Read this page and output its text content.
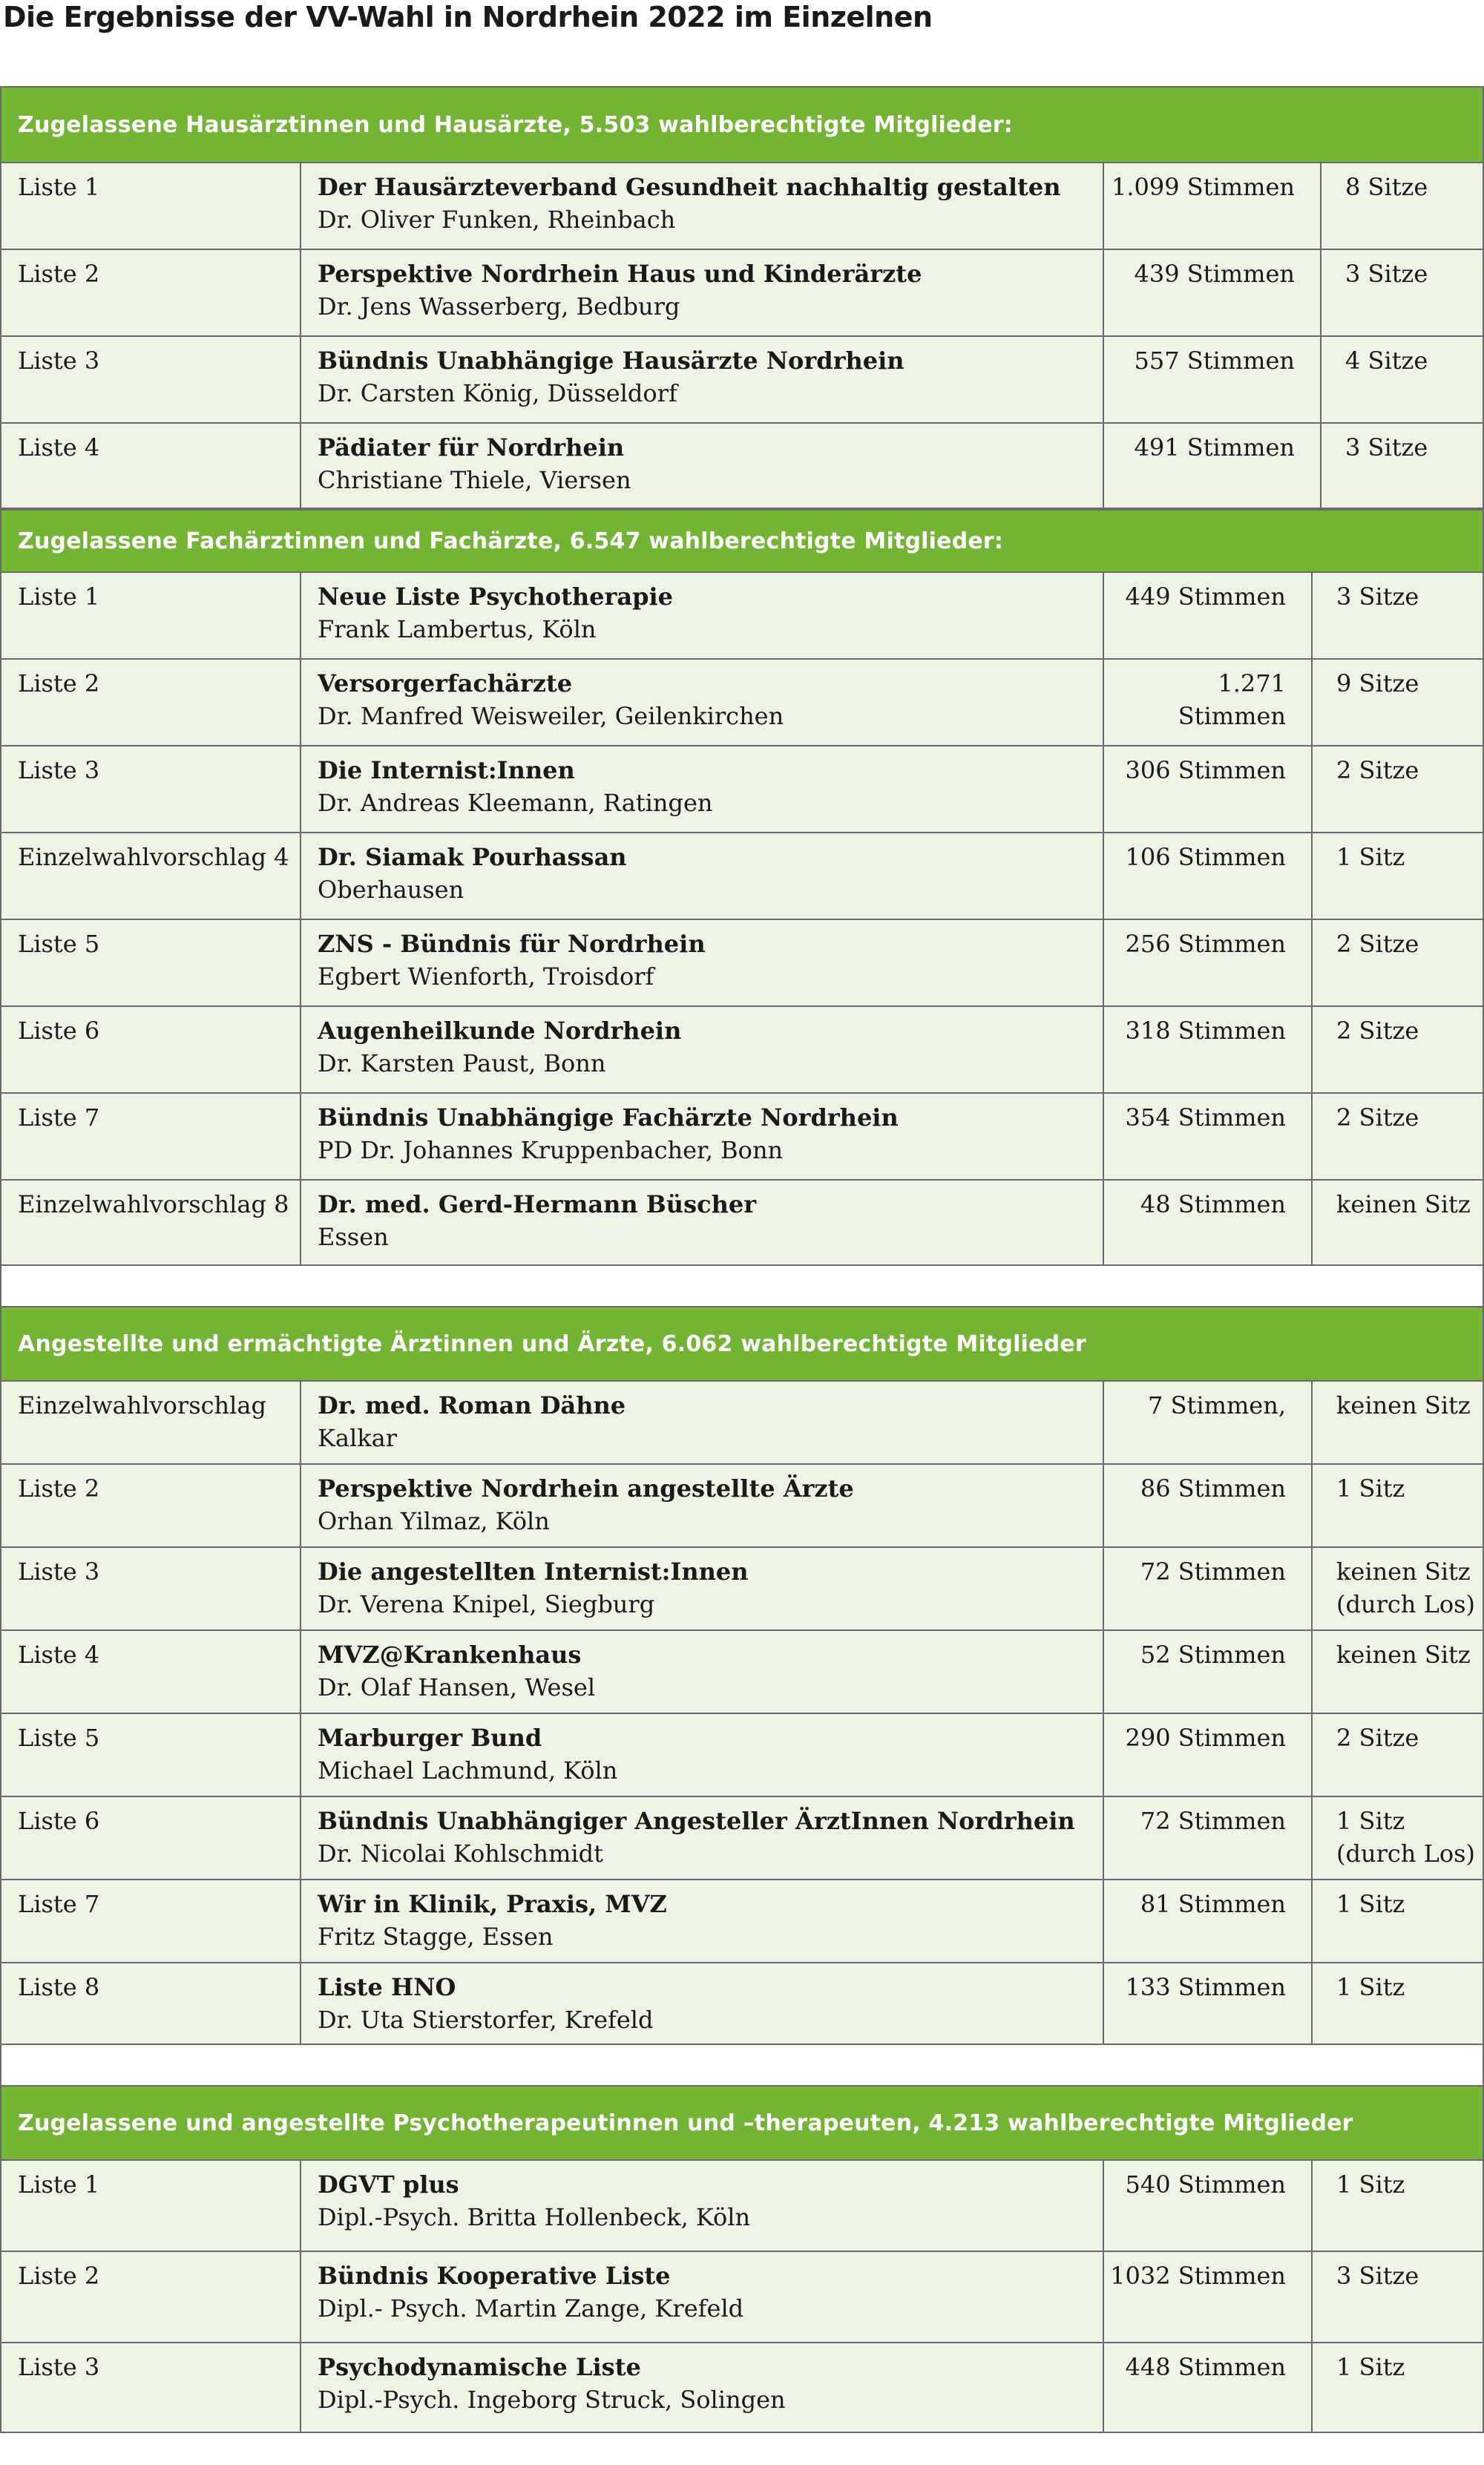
Die Ergebnisse der VV-Wahl in Nordrhein 2022 im Einzelnen
Zugelassene Hausärztinnen und Hausärzte, 5.503 wahlberechtigte Mitglieder:
Liste 1	Der Hausärzteverband Gesundheit nachhaltig gestalten
Dr. Oliver Funken, Rheinbach
1.099 Stimmen	8 Sitze
Liste 2	Perspektive Nordrhein Haus und Kinderärzte
Dr. Jens Wasserberg, Bedburg
439 Stimmen	3 Sitze
Liste 3	Bündnis Unabhängige Hausärzte Nordrhein
Dr. Carsten König, Düsseldorf
557 Stimmen	4 Sitze
Liste 4	Pädiater für Nordrhein
Christiane Thiele, Viersen
491 Stimmen	3 Sitze
Zugelassene Fachärztinnen und Fachärzte, 6.547 wahlberechtigte Mitglieder:
Liste 1	Neue Liste Psychotherapie
Frank Lambertus, Köln
449 Stimmen	3 Sitze
Liste 2	Versorgerfachärzte
Dr. Manfred Weisweiler, Geilenkirchen
1.271 Stimmen
9 Sitze
Liste 3	Die Internist:Innen
Dr. Andreas Kleemann, Ratingen
306 Stimmen	2 Sitze
Einzelwahlvorschlag 4	Dr. Siamak Pourhassan
Oberhausen
106 Stimmen	1 Sitz
Liste 5	ZNS - Bündnis für Nordrhein
Egbert Wienforth, Troisdorf
256 Stimmen	2 Sitze
Liste 6	Augenheilkunde Nordrhein
Dr. Karsten Paust, Bonn
318 Stimmen	2 Sitze
Liste 7	Bündnis Unabhängige Fachärzte Nordrhein
PD Dr. Johannes Kruppenbacher, Bonn
354 Stimmen	2 Sitze
Einzelwahlvorschlag 8	Dr. med. Gerd-Hermann Büscher
Essen
48 Stimmen	keinen Sitz
Angestellte und ermächtigte Ärztinnen und Ärzte, 6.062 wahlberechtigte Mitglieder
Einzelwahlvorschlag	Dr. med. Roman Dähne
Kalkar
7 Stimmen,	keinen Sitz
Liste 2	Perspektive Nordrhein angestellte Ärzte
Orhan Yilmaz, Köln
86 Stimmen	1 Sitz
Liste 3	Die angestellten Internist:Innen
Dr. Verena Knipel, Siegburg
72 Stimmen	keinen Sitz
(durch Los)
Liste 4	MVZ@Krankenhaus
Dr. Olaf Hansen, Wesel
52 Stimmen	keinen Sitz
Liste 5	Marburger Bund
Michael Lachmund, Köln
290 Stimmen	2 Sitze
Liste 6	Bündnis Unabhängiger Angesteller ÄrztInnen Nordrhein
Dr. Nicolai Kohlschmidt
72 Stimmen	1 Sitz
(durch Los)
Liste 7	Wir in Klinik, Praxis, MVZ
Fritz Stagge, Essen
81 Stimmen	1 Sitz
Liste 8	Liste HNO
Dr. Uta Stierstorfer, Krefeld
133 Stimmen	1 Sitz
Zugelassene und angestellte Psychotherapeutinnen und –therapeuten, 4.213 wahlberechtigte Mitglieder
Liste 1	DGVT plus
Dipl.-Psych. Britta Hollenbeck, Köln
540 Stimmen	1 Sitz
Liste 2	Bündnis Kooperative Liste
Dipl.- Psych. Martin Zange, Krefeld
1032 Stimmen	3 Sitze
Liste 3	Psychodynamische Liste
Dipl.-Psych. Ingeborg Struck, Solingen
448 Stimmen	1 Sitz
